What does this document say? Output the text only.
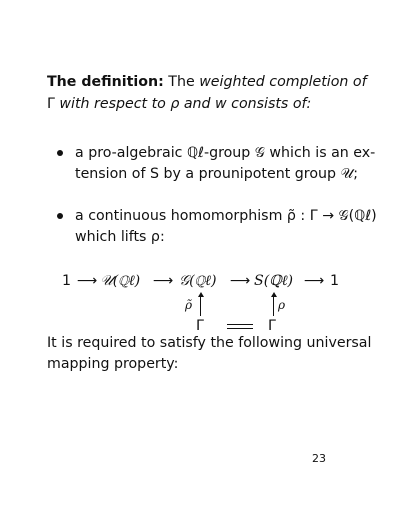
The definition: The weighted completion of
Γ with respect to ρ and w consists of:
a pro-algebraic ℚℓ-group 𝒢 which is an ex-
tension of S by a prounipotent group 𝒰;
a continuous homomorphism ρ̃ : Γ → 𝒢(ℚℓ)
which lifts ρ:
1 ⟶ 𝒰(ℚℓ) ⟶ 𝒢(ℚℓ) ⟶ S(ℚℓ) ⟶ 1
ρ̃	ρ
Γ	Γ
It is required to satisfy the following universal
mapping property:
23
